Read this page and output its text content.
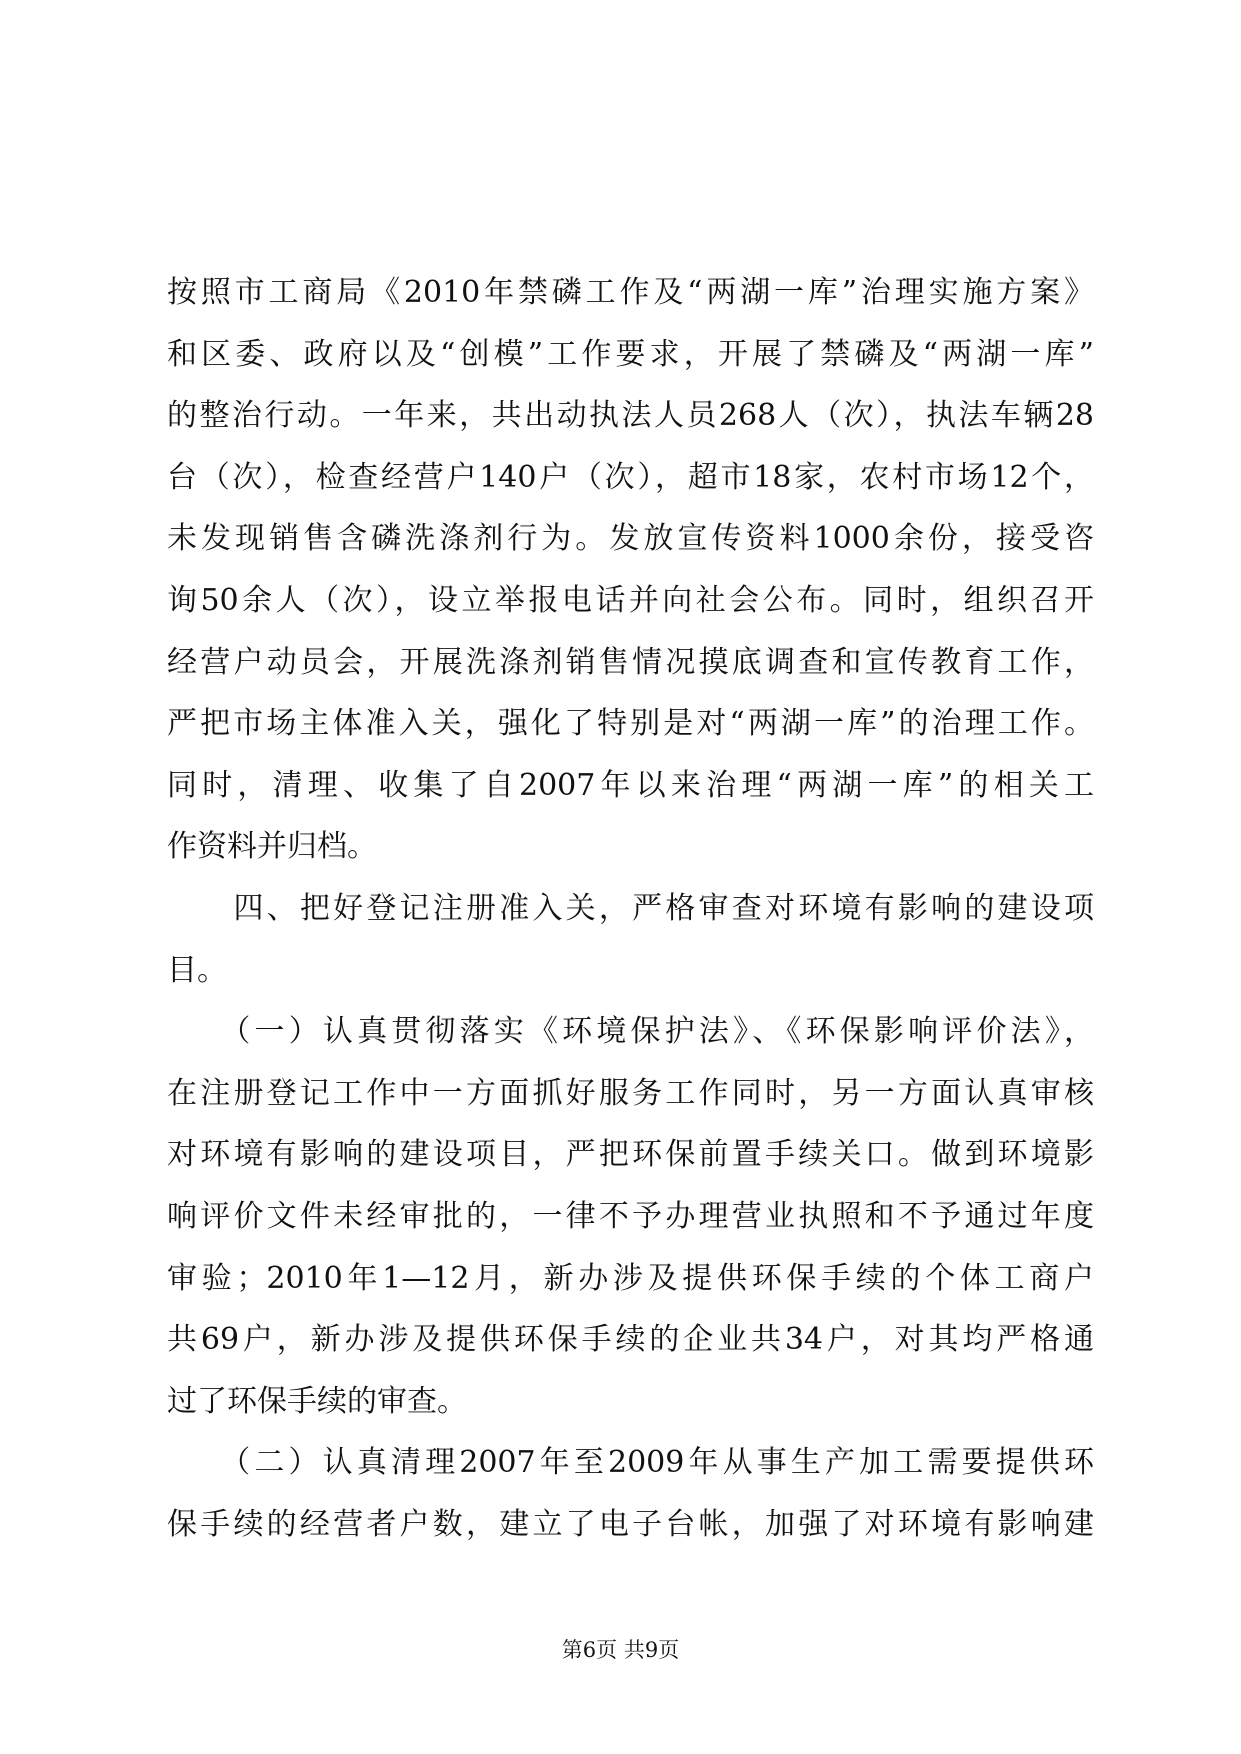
按照市工商局《2010年禁磷工作及“两湖一库”治理实施方案》
和区委、政府以及“创模”工作要求，开展了禁磷及“两湖一库”
的整治行动。一年来，共出动执法人员268人（次），执法车辆28
台（次），检查经营户140户（次），超市18家，农村市场12个，
未发现销售含磷洗涤剂行为。发放宣传资料1000余份，接受咨
询50余人（次），设立举报电话并向社会公布。同时，组织召开
经营户动员会，开展洗涤剂销售情况摸底调查和宣传教育工作，
严把市场主体准入关，强化了特别是对“两湖一库”的治理工作。
同时，清理、收集了自2007年以来治理“两湖一库”的相关工
作资料并归档。
　　四、把好登记注册准入关，严格审查对环境有影响的建设项
目。
　　（一）认真贯彻落实《环境保护法》、《环保影响评价法》，
在注册登记工作中一方面抓好服务工作同时，另一方面认真审核
对环境有影响的建设项目，严把环保前置手续关口。做到环境影
响评价文件未经审批的，一律不予办理营业执照和不予通过年度
审验；2010年1—12月，新办涉及提供环保手续的个体工商户
共69户，新办涉及提供环保手续的企业共34户，对其均严格通
过了环保手续的审查。
　　（二）认真清理2007年至2009年从事生产加工需要提供环
保手续的经营者户数，建立了电子台帐，加强了对环境有影响建
第6页 共9页
